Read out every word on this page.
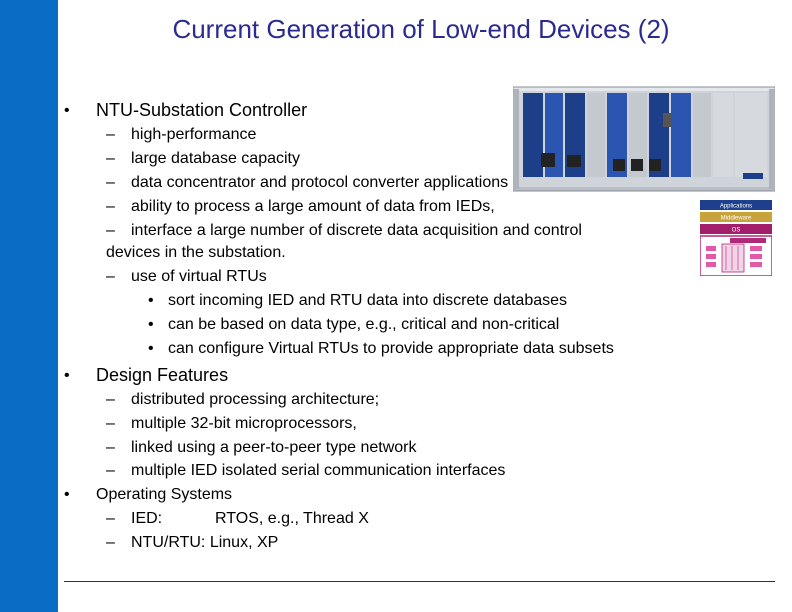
Current Generation of Low-end Devices (2)
• NTU-Substation Controller
– high-performance
– large database capacity
– data concentrator and protocol converter applications
– ability to process a large amount of data from IEDs,
– interface a large number of discrete data acquisition and control
devices in the substation.
– use of virtual RTUs
• sort incoming IED and RTU data into discrete databases
• can be based on data type, e.g., critical and non-critical
• can configure Virtual RTUs to provide appropriate data subsets
• Design Features
– distributed processing architecture;
– multiple 32-bit microprocessors,
– linked using a peer-to-peer type network
– multiple IED isolated serial communication interfaces
• Operating Systems
– IED:	RTOS, e.g., Thread X
– NTU/RTU: Linux, XP
Applications
Middleware
OS
